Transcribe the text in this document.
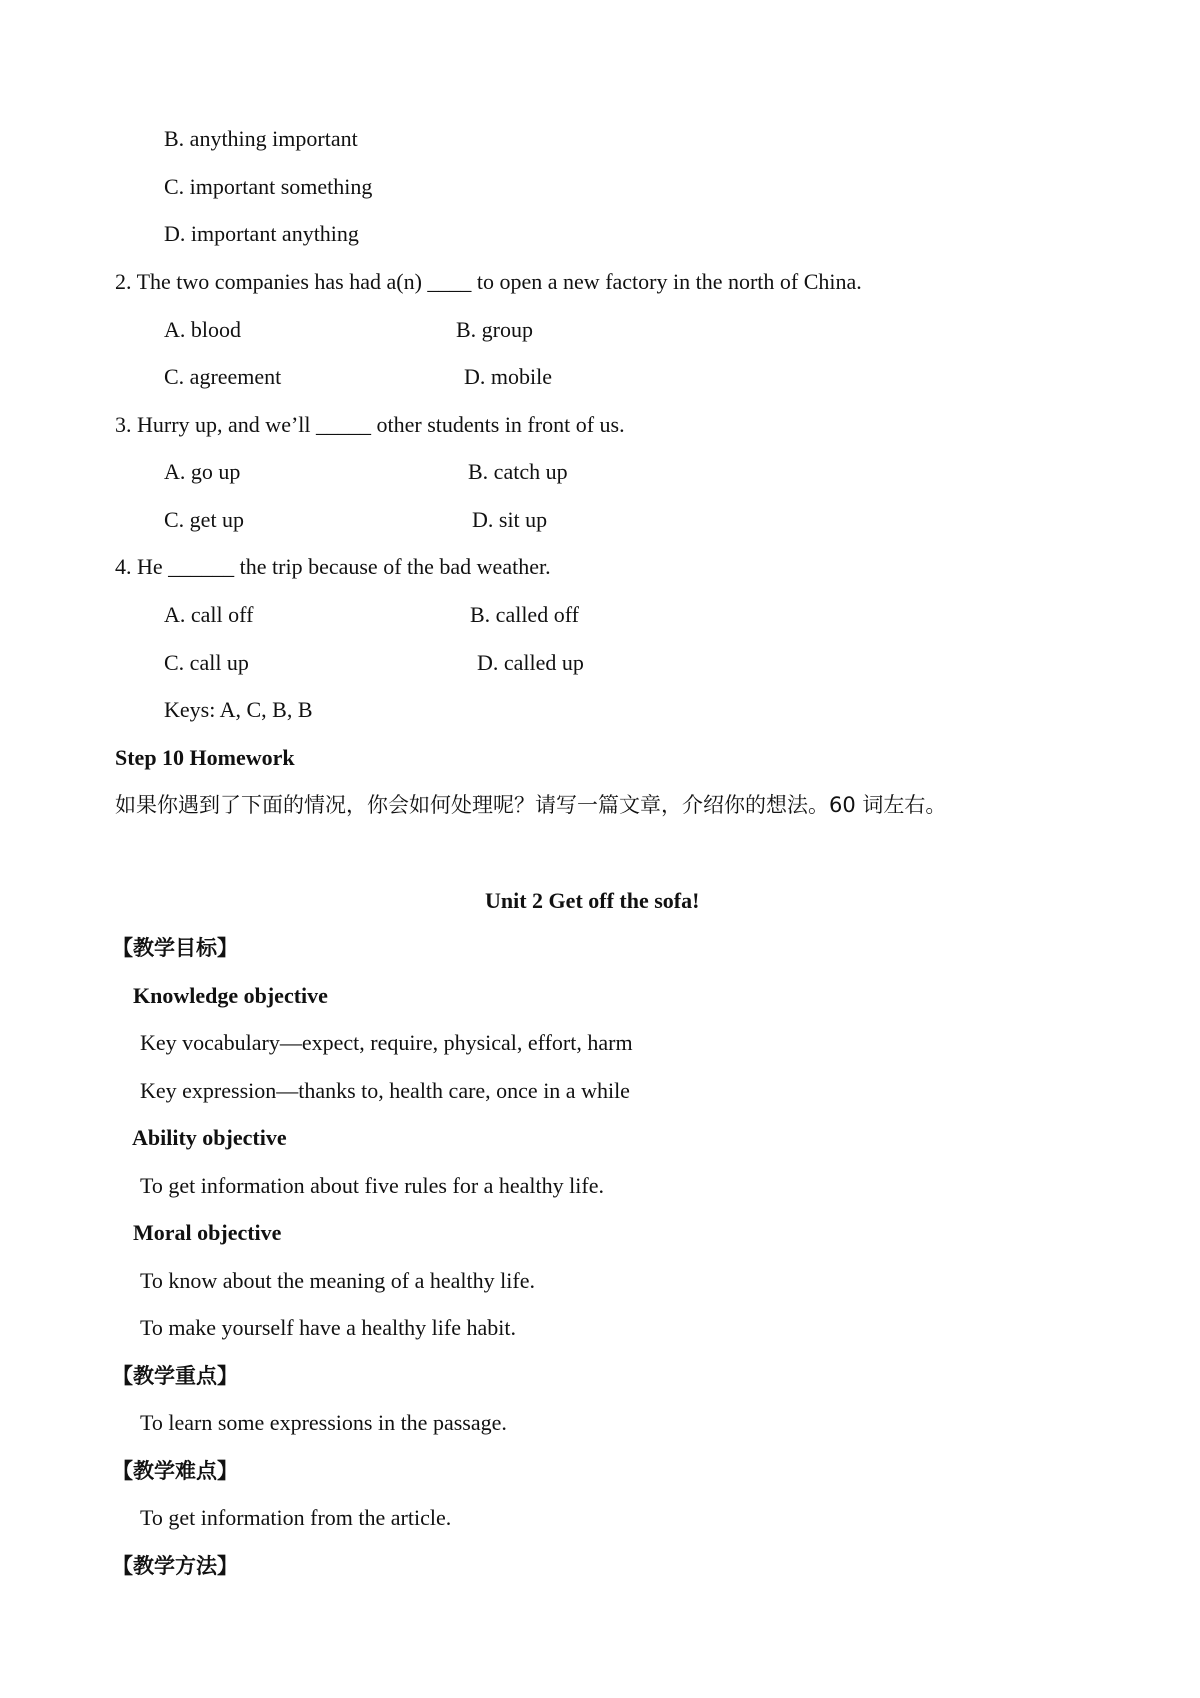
B. anything important
C. important something
D. important anything
2. The two companies has had a(n) ____ to open a new factory in the north of China.
A. blood	B. group
C. agreement	D. mobile
3. Hurry up, and we’ll _____ other students in front of us.
A. go up	B. catch up
C. get up	D. sit up
4. He ______ the trip because of the bad weather.
A. call off	B. called off
C. call up	D. called up
Keys: A, C, B, B
Step 10 Homework
如果你遇到了下面的情况，你会如何处理呢？请写一篇文章，介绍你的想法。60 词左右。
Unit 2 Get off the sofa!
【教学目标】
Knowledge objective
Key vocabulary—expect, require, physical, effort, harm
Key expression—thanks to, health care, once in a while
Ability objective
To get information about five rules for a healthy life.
Moral objective
To know about the meaning of a healthy life.
To make yourself have a healthy life habit.
【教学重点】
To learn some expressions in the passage.
【教学难点】
To get information from the article.
【教学方法】
